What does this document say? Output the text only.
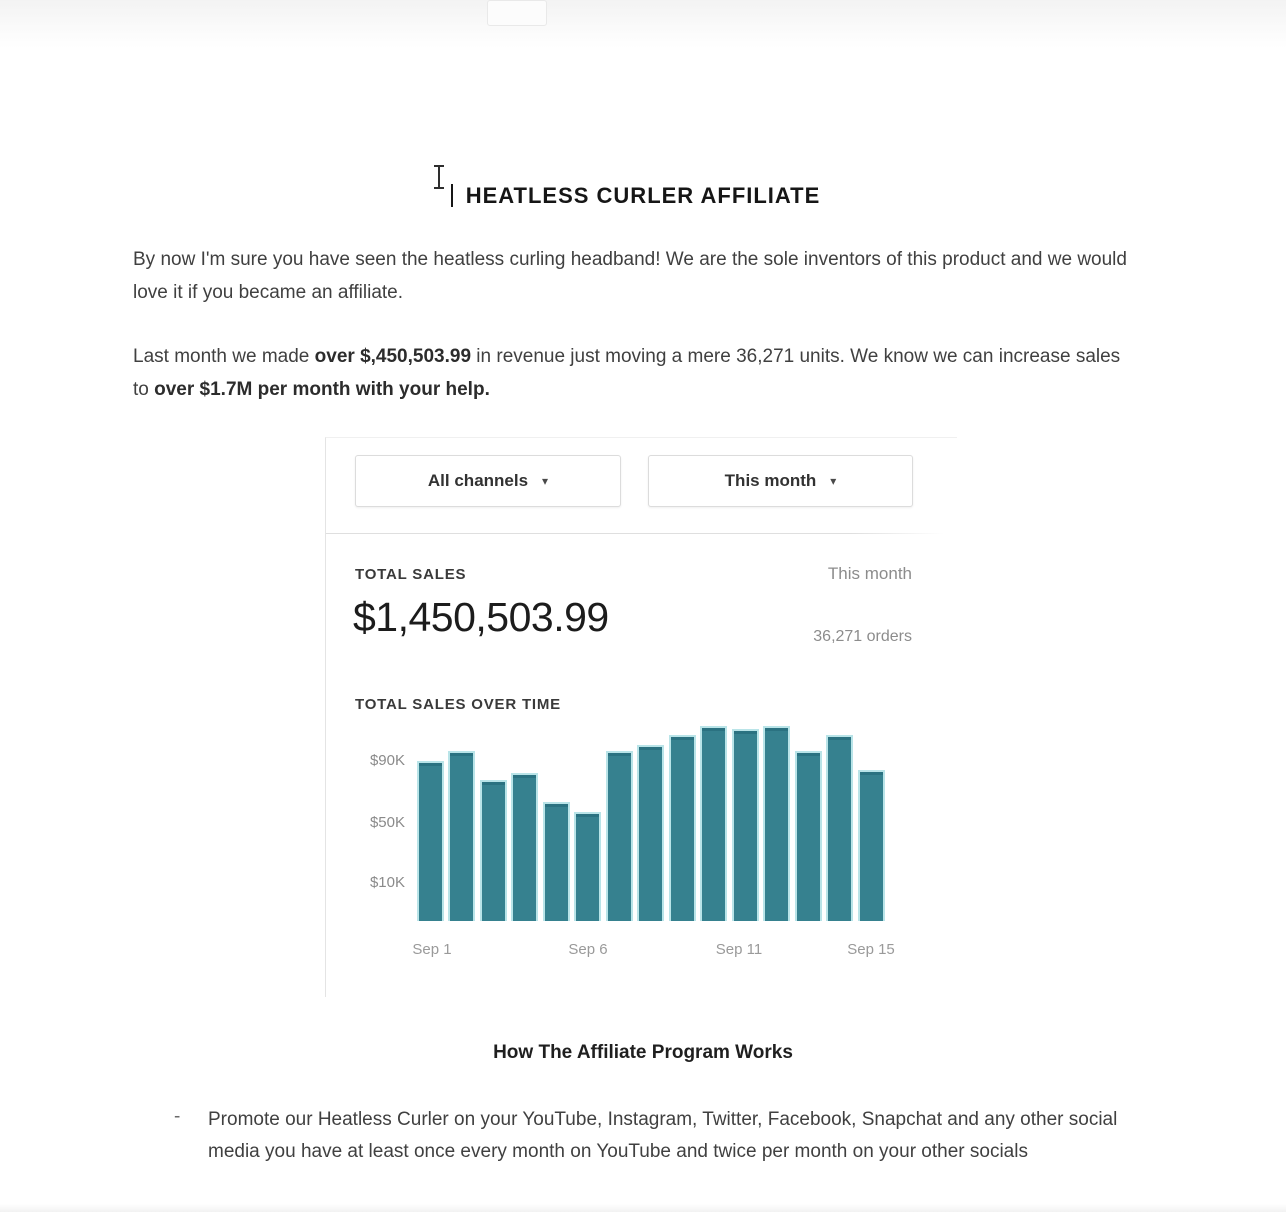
HEATLESS CURLER AFFILIATE
By now I'm sure you have seen the heatless curling headband! We are the sole inventors of this product and we would love it if you became an affiliate.
Last month we made over $,450,503.99 in revenue just moving a mere 36,271 units. We know we can increase sales to over $1.7M per month with your help.
All channels ▾	This month ▾
TOTAL SALES	This month
$1,450,503.99	36,271 orders
TOTAL SALES OVER TIME
$90K
$50K
$10K
Sep 1	Sep 6	Sep 11	Sep 15
How The Affiliate Program Works
- Promote our Heatless Curler on your YouTube, Instagram, Twitter, Facebook, Snapchat and any other social media you have at least once every month on YouTube and twice per month on your other socials
